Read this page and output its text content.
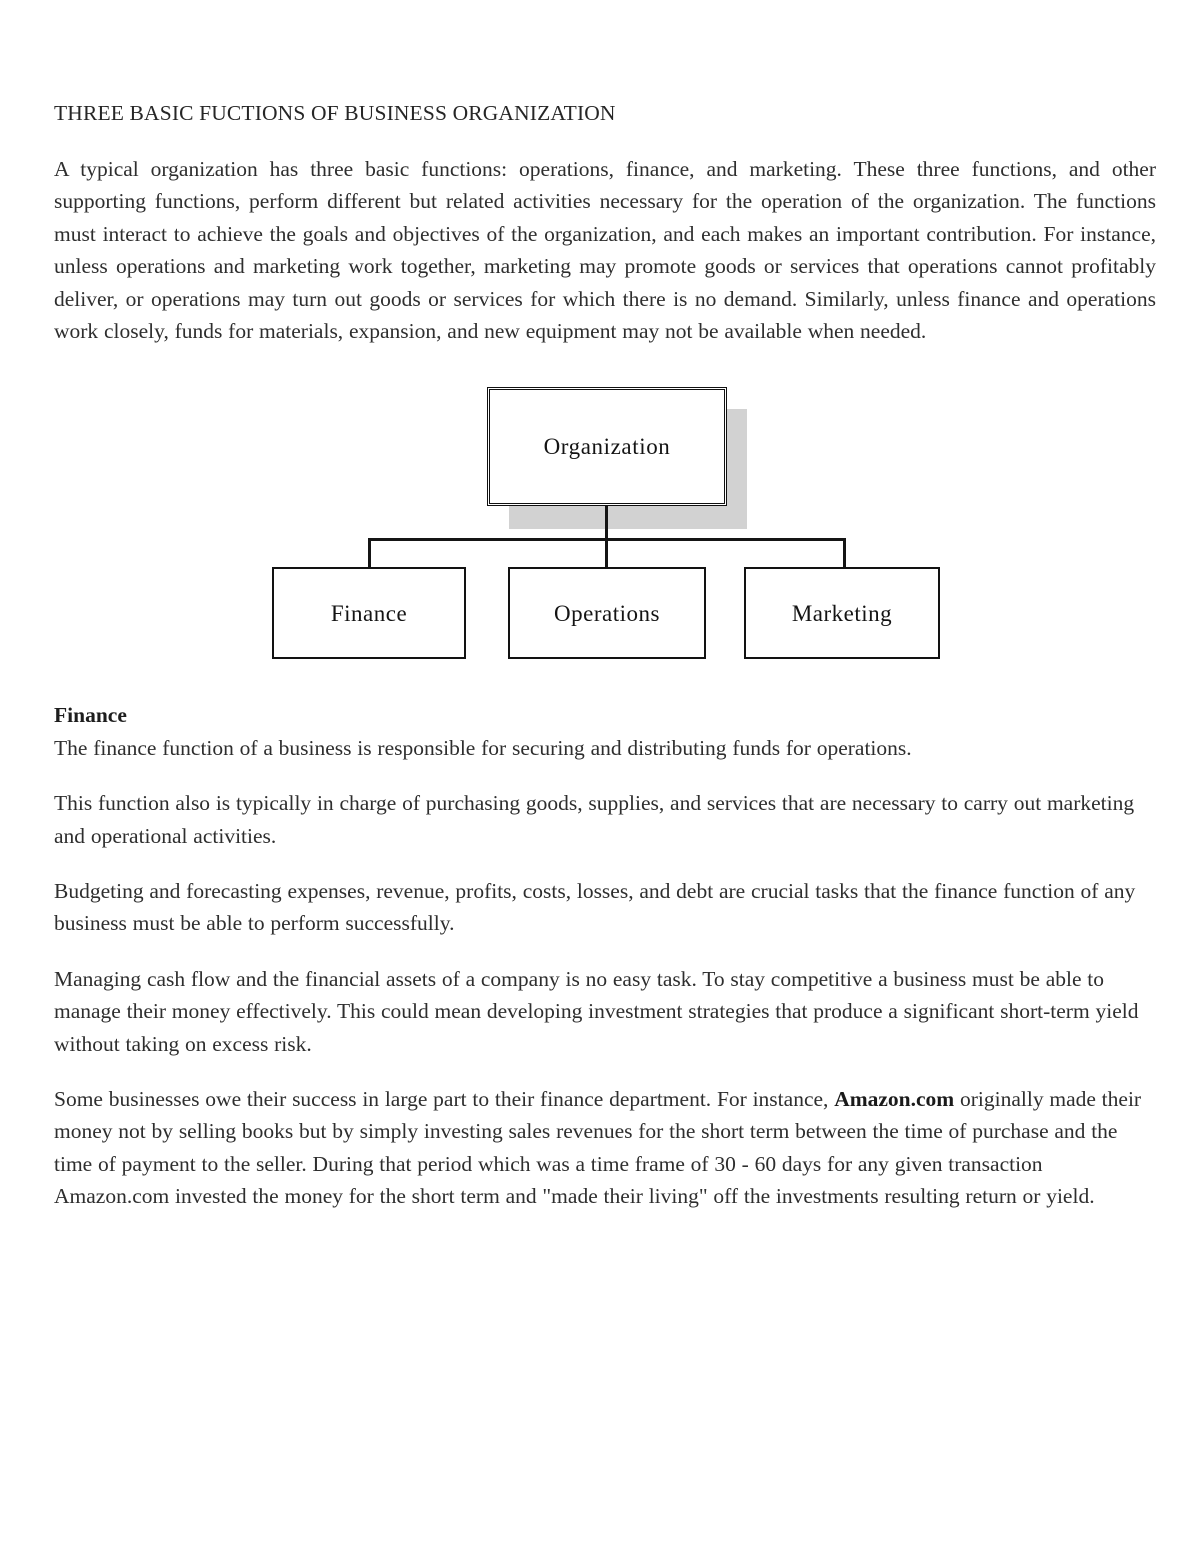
THREE BASIC FUCTIONS OF BUSINESS ORGANIZATION

A typical organization has three basic functions: operations, finance, and marketing. These three functions, and other supporting functions, perform different but related activities necessary for the operation of the organization. The functions must interact to achieve the goals and objectives of the organization, and each makes an important contribution. For instance, unless operations and marketing work together, marketing may promote goods or services that operations cannot profitably deliver, or operations may turn out goods or services for which there is no demand. Similarly, unless finance and operations work closely, funds for materials, expansion, and new equipment may not be available when needed.

Organization
Finance	Operations	Marketing

Finance

The finance function of a business is responsible for securing and distributing funds for operations.

This function also is typically in charge of purchasing goods, supplies, and services that are necessary to carry out marketing and operational activities.

Budgeting and forecasting expenses, revenue, profits, costs, losses, and debt are crucial tasks that the finance function of any business must be able to perform successfully.

Managing cash flow and the financial assets of a company is no easy task. To stay competitive a business must be able to manage their money effectively. This could mean developing investment strategies that produce a significant short-term yield without taking on excess risk.

Some businesses owe their success in large part to their finance department. For instance, Amazon.com originally made their money not by selling books but by simply investing sales revenues for the short term between the time of purchase and the time of payment to the seller. During that period which was a time frame of 30 - 60 days for any given transaction Amazon.com invested the money for the short term and "made their living" off the investments resulting return or yield.
